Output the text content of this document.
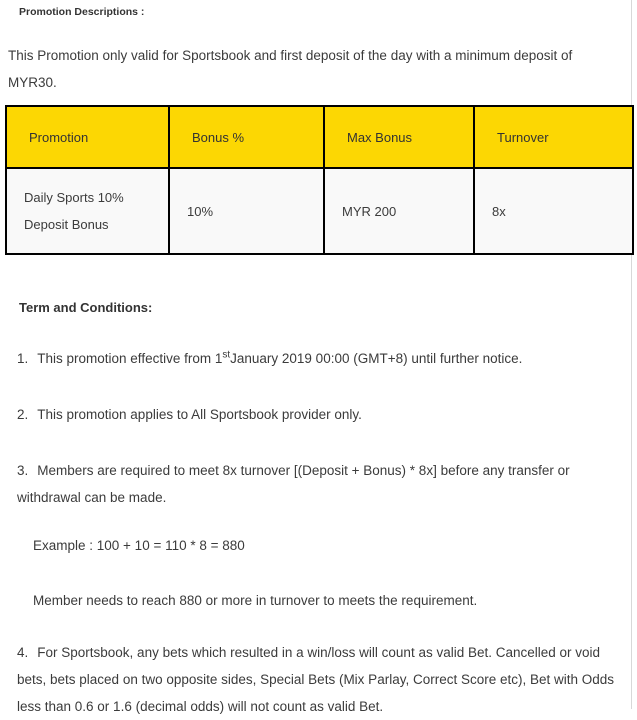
Promotion Descriptions :

This Promotion only valid for Sportsbook and first deposit of the day with a minimum deposit of MYR30.

Promotion	Bonus %	Max Bonus	Turnover
Daily Sports 10% Deposit Bonus	10%	MYR 200	8x
Term and Conditions:

1. This promotion effective from 1stJanuary 2019 00:00 (GMT+8) until further notice.

2. This promotion applies to All Sportsbook provider only.

3. Members are required to meet 8x turnover [(Deposit + Bonus) * 8x] before any transfer or withdrawal can be made.

Example : 100 + 10 = 110 * 8 = 880

Member needs to reach 880 or more in turnover to meets the requirement.

4. For Sportsbook, any bets which resulted in a win/loss will count as valid Bet. Cancelled or void bets, bets placed on two opposite sides, Special Bets (Mix Parlay, Correct Score etc), Bet with Odds less than 0.6 or 1.6 (decimal odds) will not count as valid Bet.
